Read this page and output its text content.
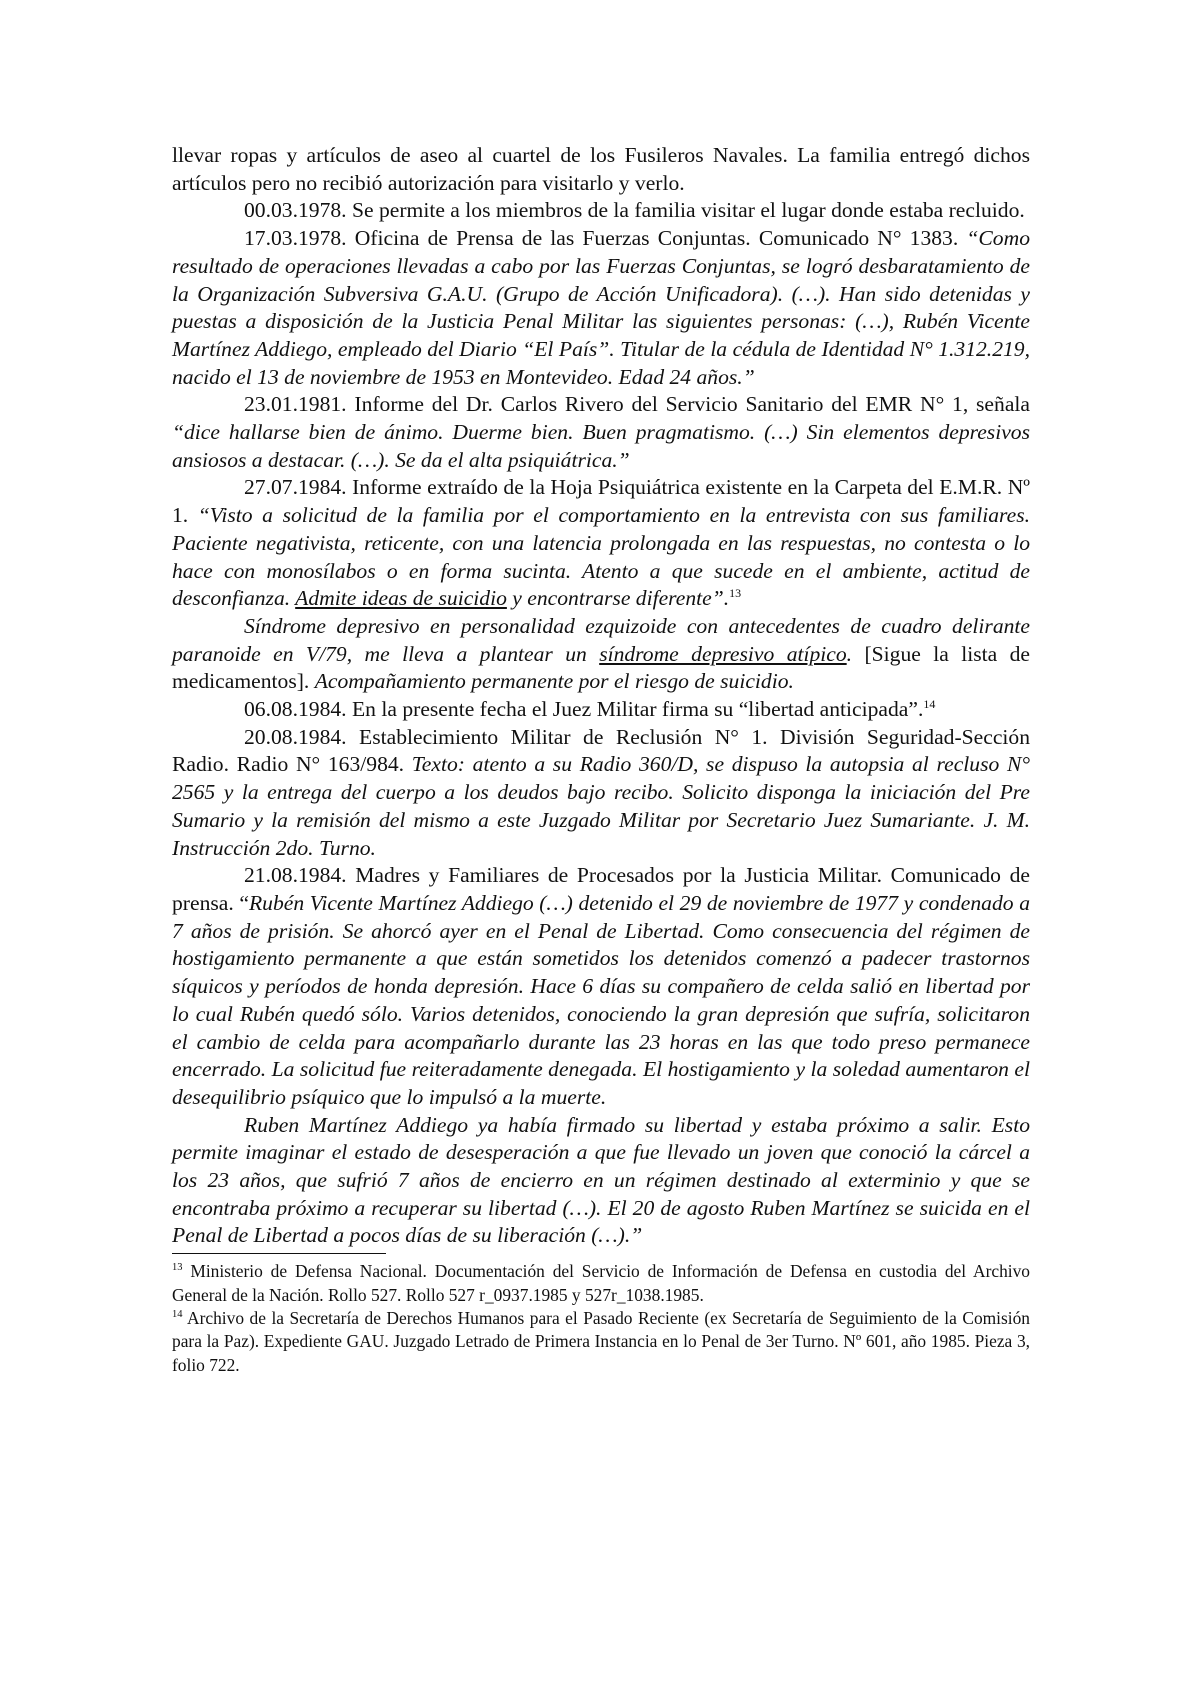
llevar ropas y artículos de aseo al cuartel de los Fusileros Navales. La familia entregó dichos artículos pero no recibió autorización para visitarlo y verlo.

00.03.1978. Se permite a los miembros de la familia visitar el lugar donde estaba recluido.

17.03.1978. Oficina de Prensa de las Fuerzas Conjuntas. Comunicado N° 1383. “Como resultado de operaciones llevadas a cabo por las Fuerzas Conjuntas, se logró desbaratamiento de la Organización Subversiva G.A.U. (Grupo de Acción Unificadora). (…). Han sido detenidas y puestas a disposición de la Justicia Penal Militar las siguientes personas: (…), Rubén Vicente Martínez Addiego, empleado del Diario “El País”. Titular de la cédula de Identidad N° 1.312.219, nacido el 13 de noviembre de 1953 en Montevideo. Edad 24 años.”

23.01.1981. Informe del Dr. Carlos Rivero del Servicio Sanitario del EMR N° 1, señala “dice hallarse bien de ánimo. Duerme bien. Buen pragmatismo. (…) Sin elementos depresivos ansiosos a destacar. (…). Se da el alta psiquiátrica.”

27.07.1984. Informe extraído de la Hoja Psiquiátrica existente en la Carpeta del E.M.R. Nº 1. “Visto a solicitud de la familia por el comportamiento en la entrevista con sus familiares. Paciente negativista, reticente, con una latencia prolongada en las respuestas, no contesta o lo hace con monosílabos o en forma sucinta. Atento a que sucede en el ambiente, actitud de desconfianza. Admite ideas de suicidio y encontrarse diferente”.$^{13}$

Síndrome depresivo en personalidad ezquizoide con antecedentes de cuadro delirante paranoide en V/79, me lleva a plantear un síndrome depresivo atípico. [Sigue la lista de medicamentos]. Acompañamiento permanente por el riesgo de suicidio.

06.08.1984. En la presente fecha el Juez Militar firma su “libertad anticipada”.$^{14}$

20.08.1984. Establecimiento Militar de Reclusión N° 1. División Seguridad-Sección Radio. Radio N° 163/984. Texto: atento a su Radio 360/D, se dispuso la autopsia al recluso N° 2565 y la entrega del cuerpo a los deudos bajo recibo. Solicito disponga la iniciación del Pre Sumario y la remisión del mismo a este Juzgado Militar por Secretario Juez Sumariante. J. M. Instrucción 2do. Turno.

21.08.1984. Madres y Familiares de Procesados por la Justicia Militar. Comunicado de prensa. “Rubén Vicente Martínez Addiego (…) detenido el 29 de noviembre de 1977 y condenado a 7 años de prisión. Se ahorcó ayer en el Penal de Libertad. Como consecuencia del régimen de hostigamiento permanente a que están sometidos los detenidos comenzó a padecer trastornos síquicos y períodos de honda depresión. Hace 6 días su compañero de celda salió en libertad por lo cual Rubén quedó sólo. Varios detenidos, conociendo la gran depresión que sufría, solicitaron el cambio de celda para acompañarlo durante las 23 horas en las que todo preso permanece encerrado. La solicitud fue reiteradamente denegada. El hostigamiento y la soledad aumentaron el desequilibrio psíquico que lo impulsó a la muerte.

Ruben Martínez Addiego ya había firmado su libertad y estaba próximo a salir. Esto permite imaginar el estado de desesperación a que fue llevado un joven que conoció la cárcel a los 23 años, que sufrió 7 años de encierro en un régimen destinado al exterminio y que se encontraba próximo a recuperar su libertad (…). El 20 de agosto Ruben Martínez se suicida en el Penal de Libertad a pocos días de su liberación (…).”

$^{13}$ Ministerio de Defensa Nacional. Documentación del Servicio de Información de Defensa en custodia del Archivo General de la Nación. Rollo 527. Rollo 527 r_0937.1985 y 527r_1038.1985.

$^{14}$ Archivo de la Secretaría de Derechos Humanos para el Pasado Reciente (ex Secretaría de Seguimiento de la Comisión para la Paz). Expediente GAU. Juzgado Letrado de Primera Instancia en lo Penal de 3er Turno. Nº 601, año 1985. Pieza 3, folio 722.
